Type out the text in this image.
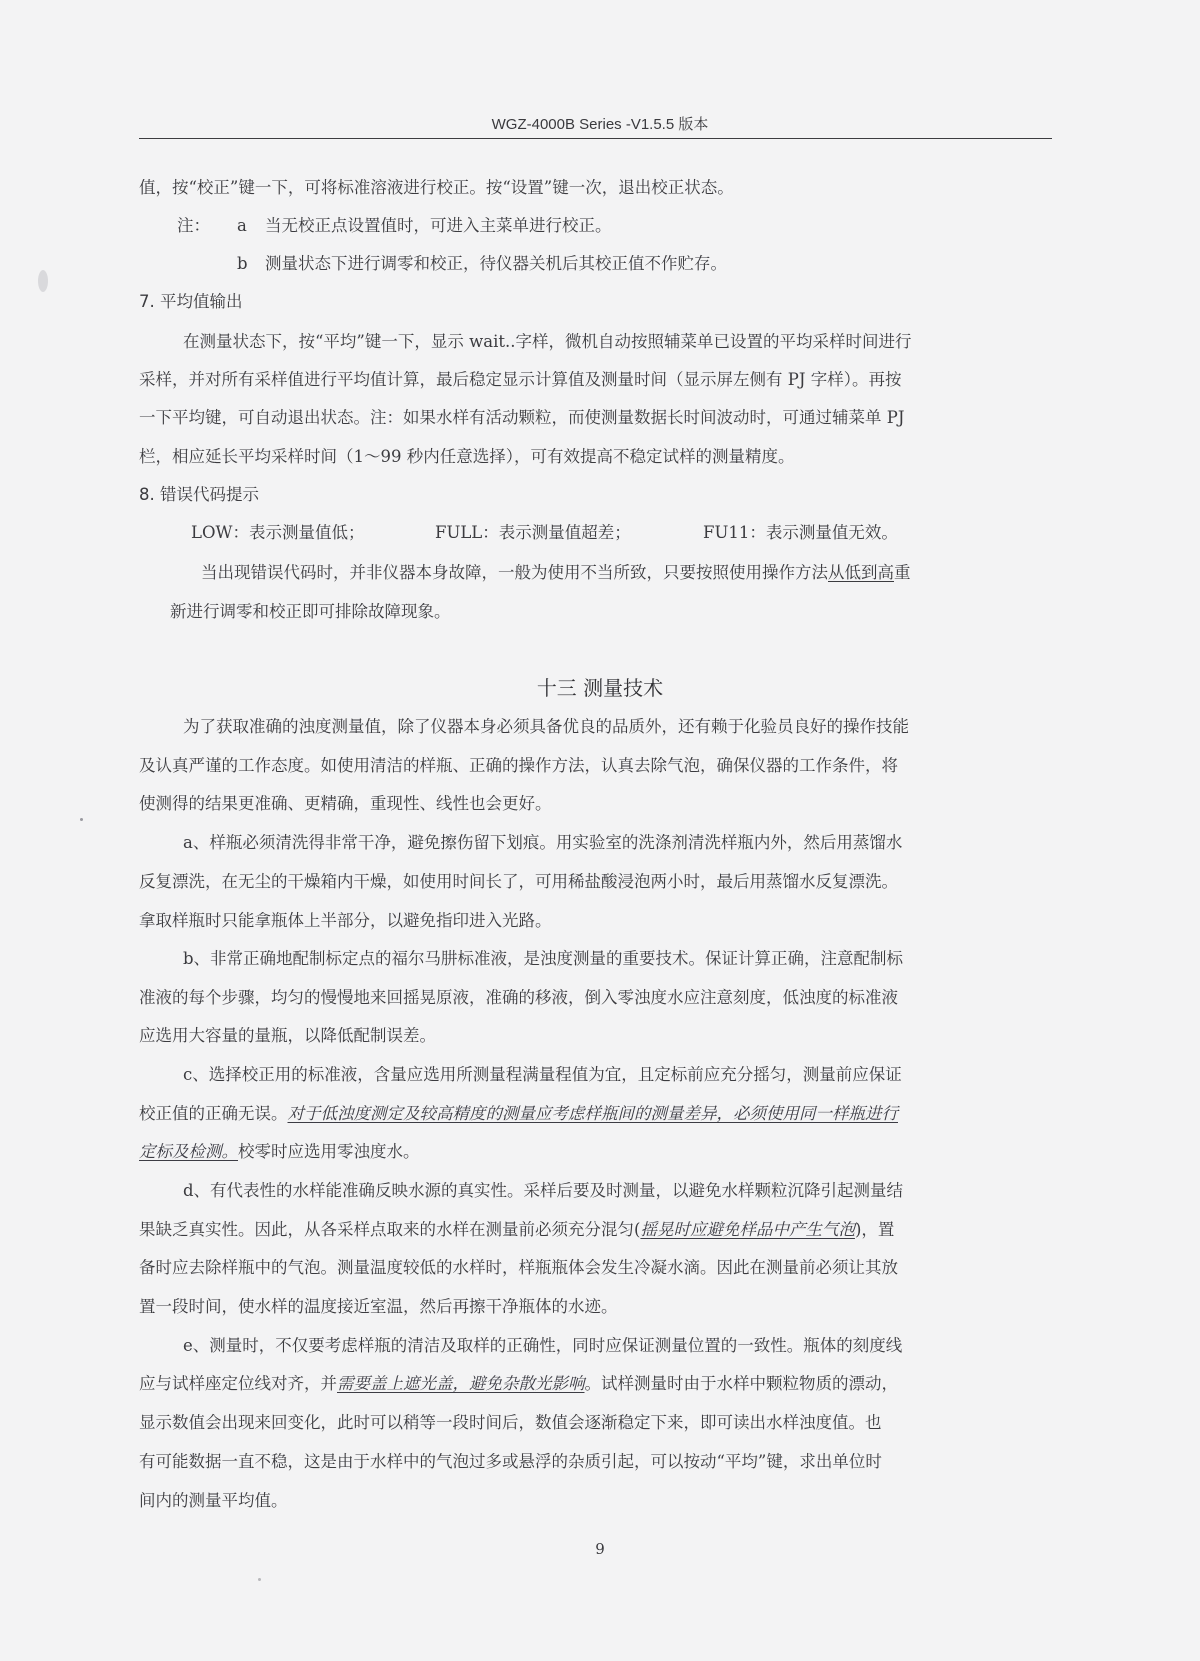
WGZ-4000B Series -V1.5.5 版本
值，按“校正”键一下，可将标准溶液进行校正。按“设置”键一次，退出校正状态。
注： a 当无校正点设置值时，可进入主菜单进行校正。
b 测量状态下进行调零和校正，待仪器关机后其校正值不作贮存。
7. 平均值输出
在测量状态下，按“平均”键一下，显示 wait..字样，微机自动按照辅菜单已设置的平均采样时间进行
采样，并对所有采样值进行平均值计算，最后稳定显示计算值及测量时间（显示屏左侧有 PJ 字样）。再按
一下平均键，可自动退出状态。注：如果水样有活动颗粒，而使测量数据长时间波动时，可通过辅菜单 PJ
栏，相应延长平均采样时间（1～99 秒内任意选择），可有效提高不稳定试样的测量精度。
8. 错误代码提示
LOW：表示测量值低；	FULL：表示测量值超差；	FU11：表示测量值无效。
当出现错误代码时，并非仪器本身故障，一般为使用不当所致，只要按照使用操作方法从低到高重
新进行调零和校正即可排除故障现象。
十三 测量技术
为了获取准确的浊度测量值，除了仪器本身必须具备优良的品质外，还有赖于化验员良好的操作技能
及认真严谨的工作态度。如使用清洁的样瓶、正确的操作方法，认真去除气泡，确保仪器的工作条件，将
使测得的结果更准确、更精确，重现性、线性也会更好。
a、样瓶必须清洗得非常干净，避免擦伤留下划痕。用实验室的洗涤剂清洗样瓶内外，然后用蒸馏水
反复漂洗，在无尘的干燥箱内干燥，如使用时间长了，可用稀盐酸浸泡两小时，最后用蒸馏水反复漂洗。
拿取样瓶时只能拿瓶体上半部分，以避免指印进入光路。
b、非常正确地配制标定点的福尔马肼标准液，是浊度测量的重要技术。保证计算正确，注意配制标
准液的每个步骤，均匀的慢慢地来回摇晃原液，准确的移液，倒入零浊度水应注意刻度，低浊度的标准液
应选用大容量的量瓶，以降低配制误差。
c、选择校正用的标准液，含量应选用所测量程满量程值为宜，且定标前应充分摇匀，测量前应保证
校正值的正确无误。对于低浊度测定及较高精度的测量应考虑样瓶间的测量差异，必须使用同一样瓶进行
定标及检测。校零时应选用零浊度水。
d、有代表性的水样能准确反映水源的真实性。采样后要及时测量，以避免水样颗粒沉降引起测量结
果缺乏真实性。因此，从各采样点取来的水样在测量前必须充分混匀(摇晃时应避免样品中产生气泡)，置
备时应去除样瓶中的气泡。测量温度较低的水样时，样瓶瓶体会发生冷凝水滴。因此在测量前必须让其放
置一段时间，使水样的温度接近室温，然后再擦干净瓶体的水迹。
e、测量时，不仅要考虑样瓶的清洁及取样的正确性，同时应保证测量位置的一致性。瓶体的刻度线
应与试样座定位线对齐，并需要盖上遮光盖，避免杂散光影响。试样测量时由于水样中颗粒物质的漂动，
显示数值会出现来回变化，此时可以稍等一段时间后，数值会逐渐稳定下来，即可读出水样浊度值。也
有可能数据一直不稳，这是由于水样中的气泡过多或悬浮的杂质引起，可以按动“平均”键，求出单位时
间内的测量平均值。
9
